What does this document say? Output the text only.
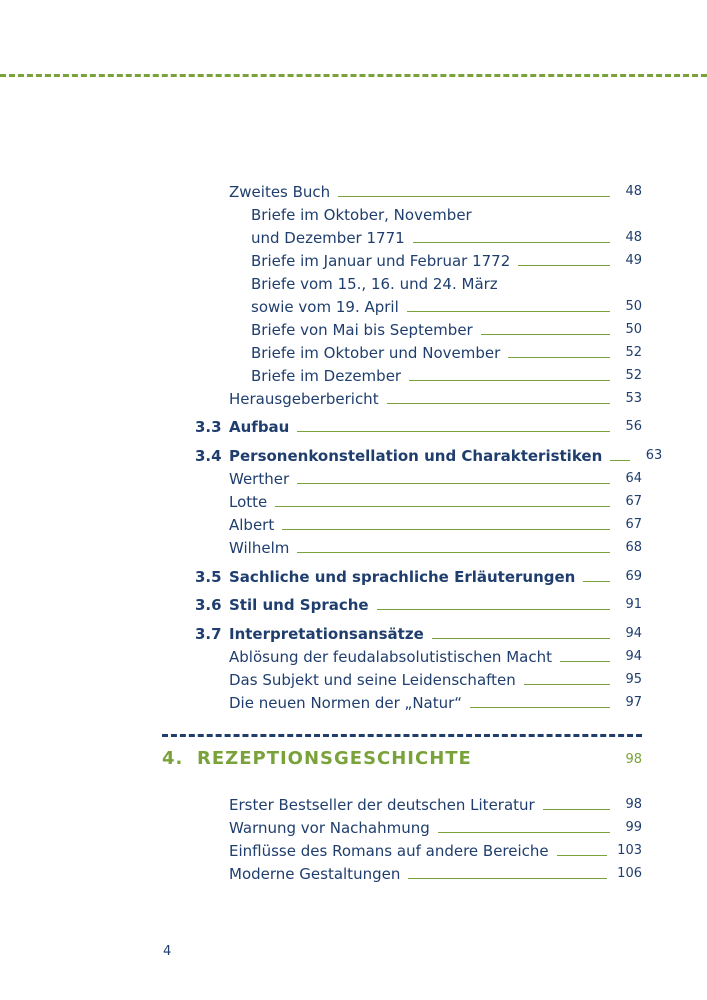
Zweites Buch	48
Briefe im Oktober, November
und Dezember 1771	48
Briefe im Januar und Februar 1772	49
Briefe vom 15., 16. und 24. März
sowie vom 19. April	50
Briefe von Mai bis September	50
Briefe im Oktober und November	52
Briefe im Dezember	52
Herausgeberbericht	53
3.3 Aufbau	56
3.4 Personenkonstellation und Charakteristiken	63
Werther	64
Lotte	67
Albert	67
Wilhelm	68
3.5 Sachliche und sprachliche Erläuterungen	69
3.6 Stil und Sprache	91
3.7 Interpretationsansätze	94
Ablösung der feudalabsolutistischen Macht	94
Das Subjekt und seine Leidenschaften	95
Die neuen Normen der „Natur“	97
4. REZEPTIONSGESCHICHTE	98
Erster Bestseller der deutschen Literatur	98
Warnung vor Nachahmung	99
Einflüsse des Romans auf andere Bereiche	103
Moderne Gestaltungen	106
4
